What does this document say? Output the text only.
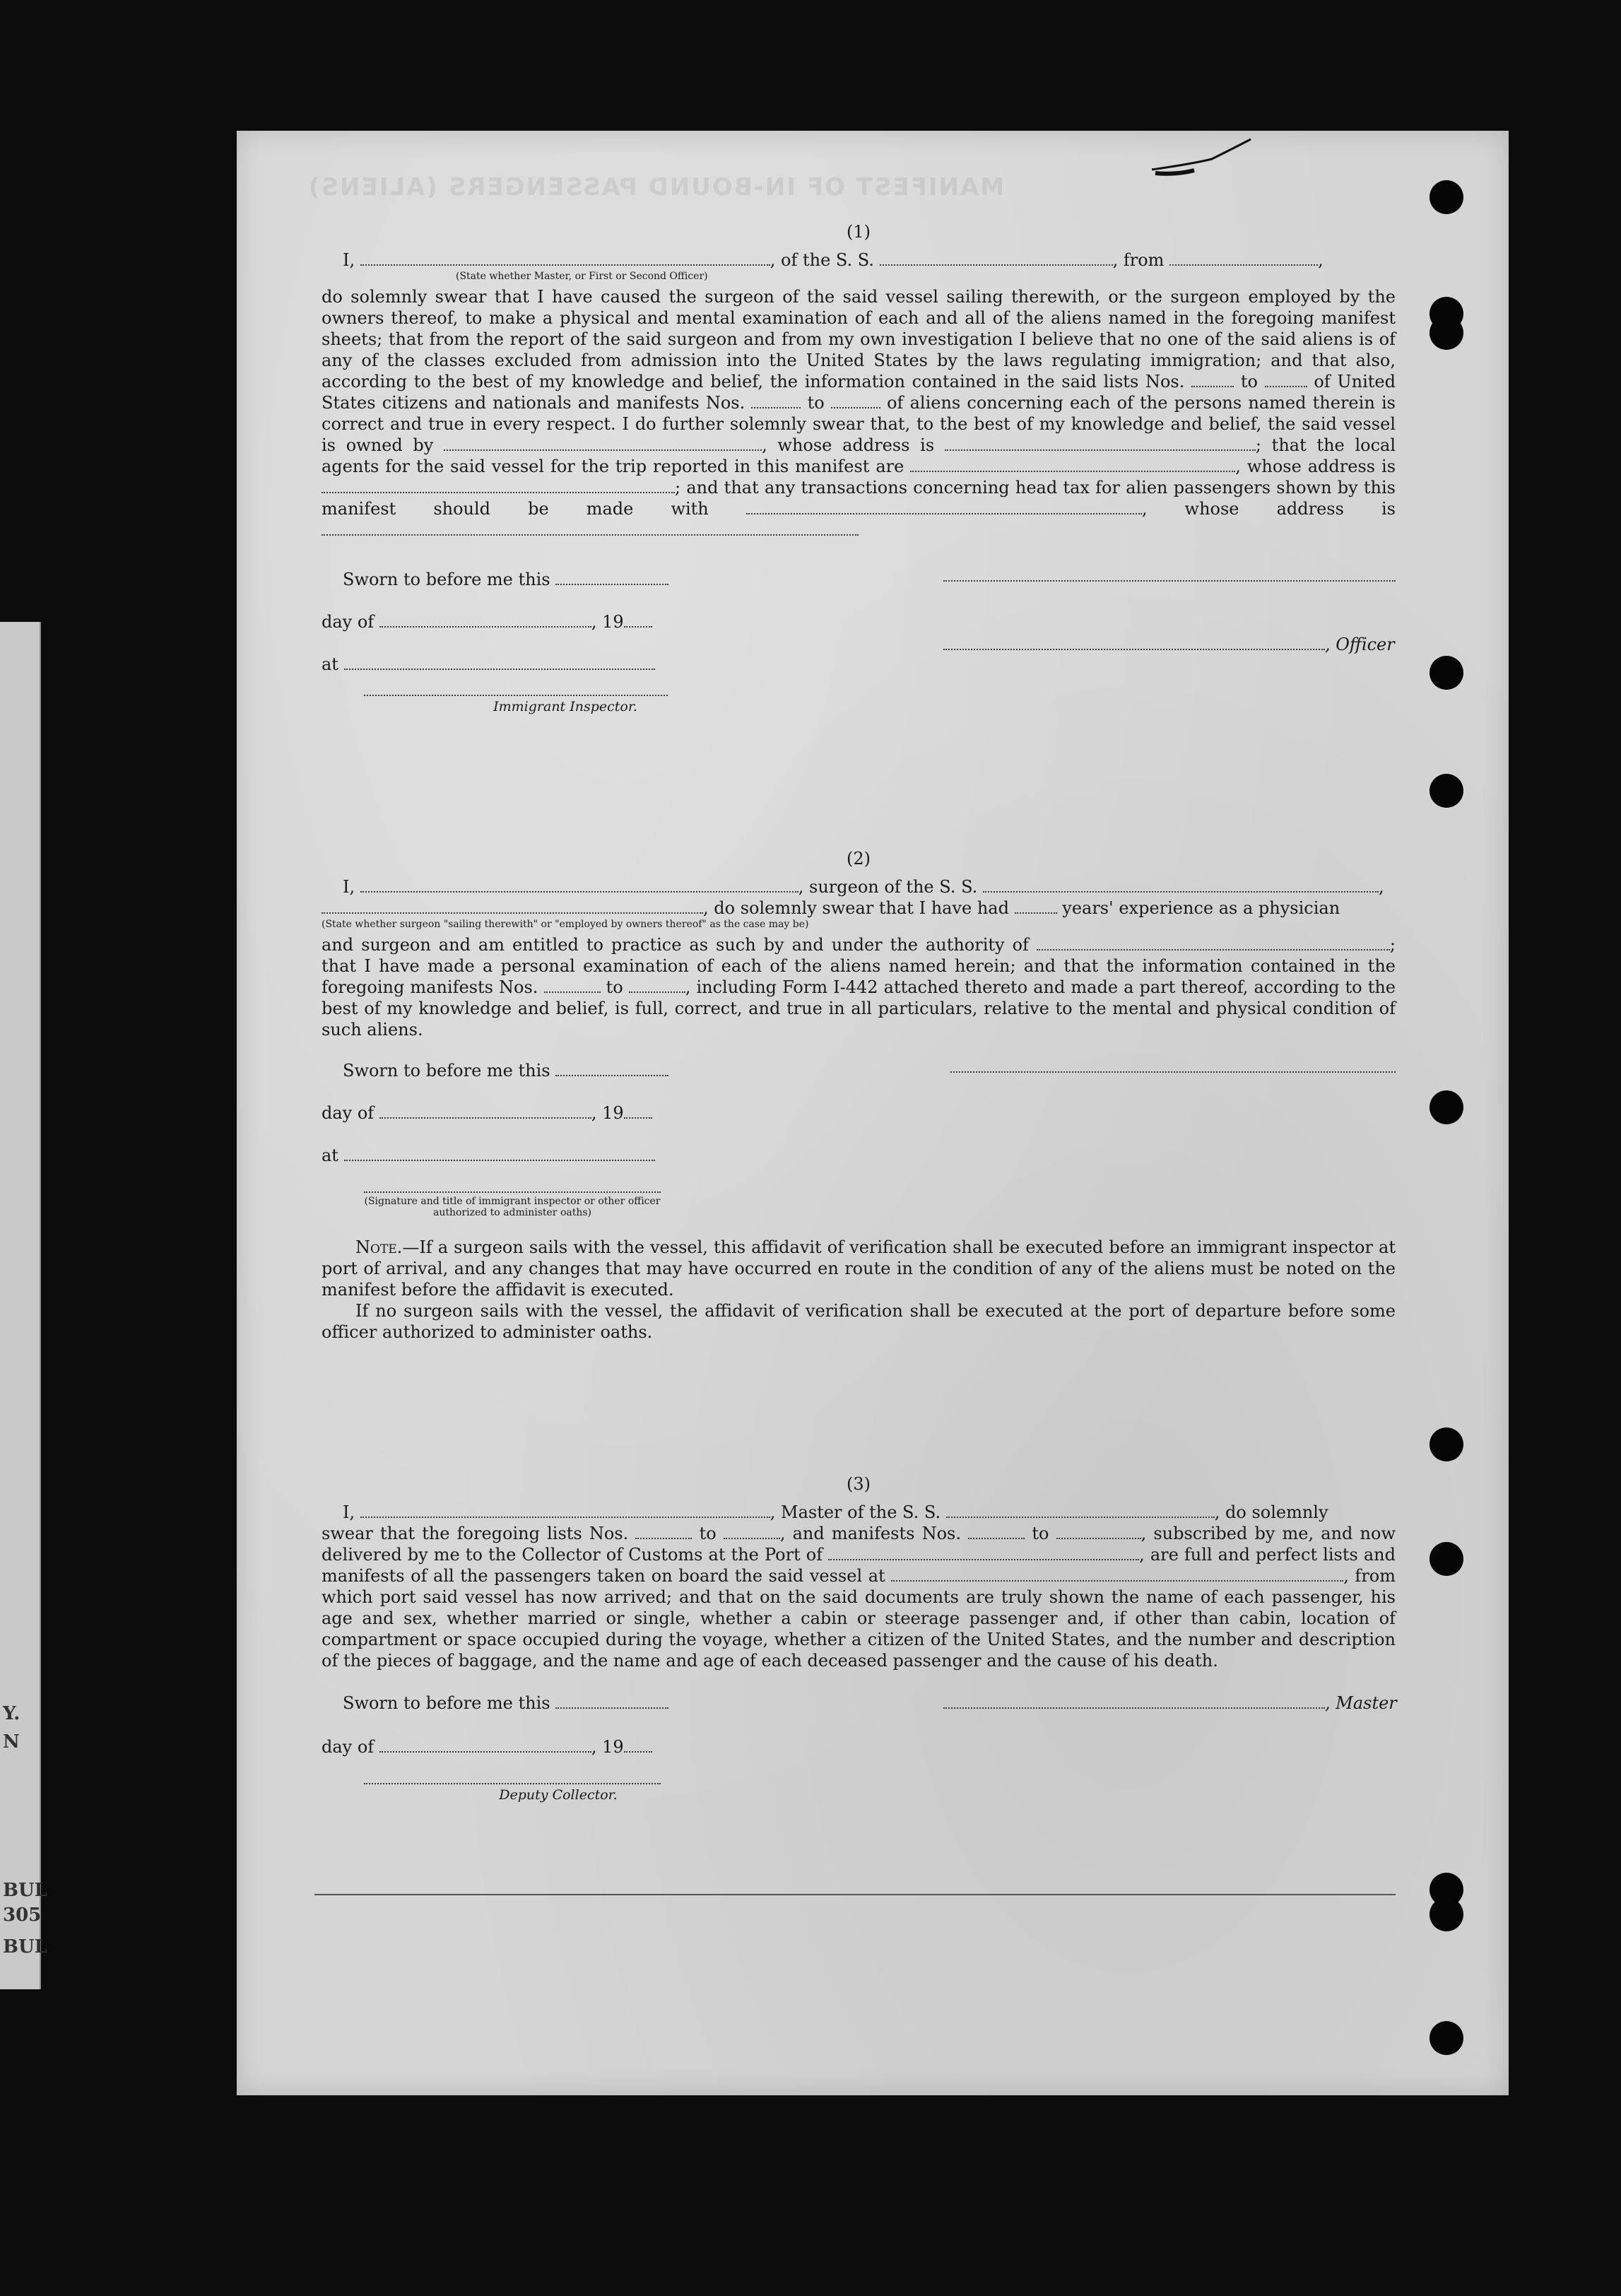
Y.
N
BUL
305
BUL
MANIFEST OF IN-BOUND PASSENGERS (ALIENS)
(1)
I,	, of the S. S.	, from	,
(State whether Master, or First or Second Officer)

do solemnly swear that I have caused the surgeon of the said vessel sailing therewith, or the surgeon employed by the owners thereof, to make a physical and mental examination of each and all of the aliens named in the foregoing manifest sheets; that from the report of the said surgeon and from my own investigation I believe that no one of the said aliens is of any of the classes excluded from admission into the United States by the laws regulating immigration; and that also, according to the best of my knowledge and belief, the information contained in the said lists Nos.	to	of United States citizens and nationals and manifests Nos.	to	of aliens concerning each of the persons named therein is correct and true in every respect. I do further solemnly swear that, to the best of my knowledge and belief, the said vessel is owned by	, whose address is	; that the local agents for the said vessel for the trip reported in this manifest are	, whose address is ; and that any transactions concerning head tax for alien passengers shown by this manifest should be made with	, whose address is

Sworn to before me this
day of	, 19
, Officer
at
Immigrant Inspector.
(2)
I,	, surgeon of the S. S.	,
, do solemnly swear that I have had	years' experience as a physician
(State whether surgeon "sailing therewith" or "employed by owners thereof" as the case may be)

and surgeon and am entitled to practice as such by and under the authority of	; that I have made a personal examination of each of the aliens named herein; and that the information contained in the foregoing manifests Nos.	to	, including Form I-442 attached thereto and made a part thereof, according to the best of my knowledge and belief, is full, correct, and true in all particulars, relative to the mental and physical condition of such aliens.

Sworn to before me this
day of	, 19
at
(Signature and title of immigrant inspector or other officer authorized to administer oaths)

Note.—If a surgeon sails with the vessel, this affidavit of verification shall be executed before an immigrant inspector at port of arrival, and any changes that may have occurred en route in the condition of any of the aliens must be noted on the manifest before the affidavit is executed.

If no surgeon sails with the vessel, the affidavit of verification shall be executed at the port of departure before some officer authorized to administer oaths.

(3)
I,	, Master of the S. S.	, do solemnly

swear that the foregoing lists Nos.	to	, and manifests Nos.	to	, subscribed by me, and now delivered by me to the Collector of Customs at the Port of	, are full and perfect lists and manifests of all the passengers taken on board the said vessel at	, from which port said vessel has now arrived; and that on the said documents are truly shown the name of each passenger, his age and sex, whether married or single, whether a cabin or steerage passenger and, if other than cabin, location of compartment or space occupied during the voyage, whether a citizen of the United States, and the number and description of the pieces of baggage, and the name and age of each deceased passenger and the cause of his death.

Sworn to before me this	, Master
day of	, 19
Deputy Collector.
